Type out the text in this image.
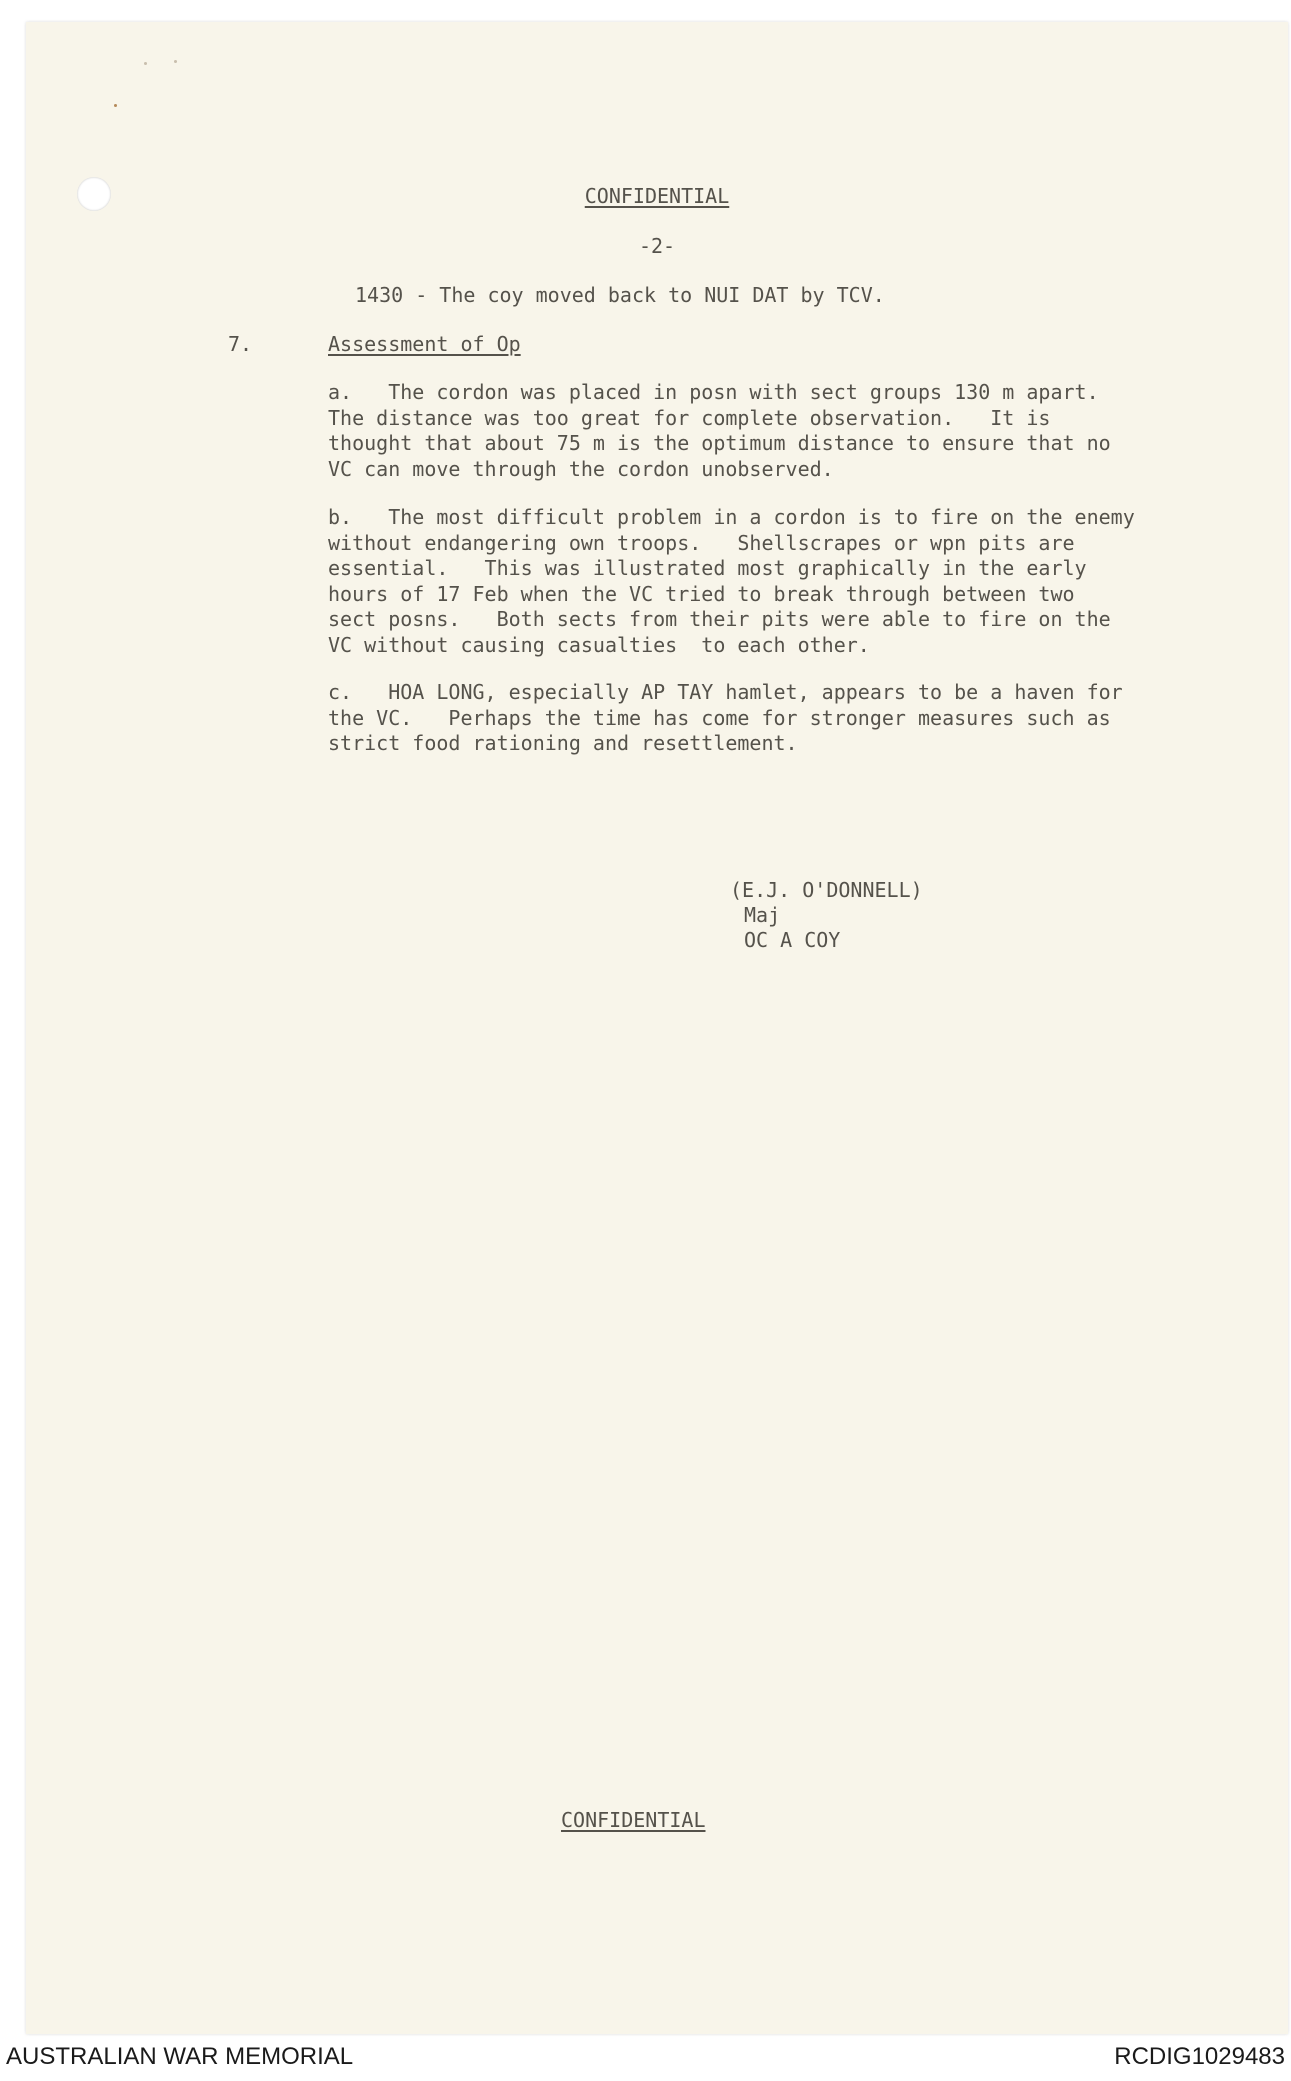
CONFIDENTIAL

-2-

1430 - The coy moved back to NUI DAT by TCV.

7.	Assessment of Op

a.   The cordon was placed in posn with sect groups 130 m apart.
The distance was too great for complete observation.   It is
thought that about 75 m is the optimum distance to ensure that no
VC can move through the cordon unobserved.

b.   The most difficult problem in a cordon is to fire on the enemy
without endangering own troops.   Shellscrapes or wpn pits are
essential.   This was illustrated most graphically in the early
hours of 17 Feb when the VC tried to break through between two
sect posns.   Both sects from their pits were able to fire on the
VC without causing casualties  to each other.

c.   HOA LONG, especially AP TAY hamlet, appears to be a haven for
the VC.   Perhaps the time has come for stronger measures such as
strict food rationing and resettlement.

(E.J. O'DONNELL)

Maj

OC A COY

CONFIDENTIAL

AUSTRALIAN WAR MEMORIAL	RCDIG1029483
